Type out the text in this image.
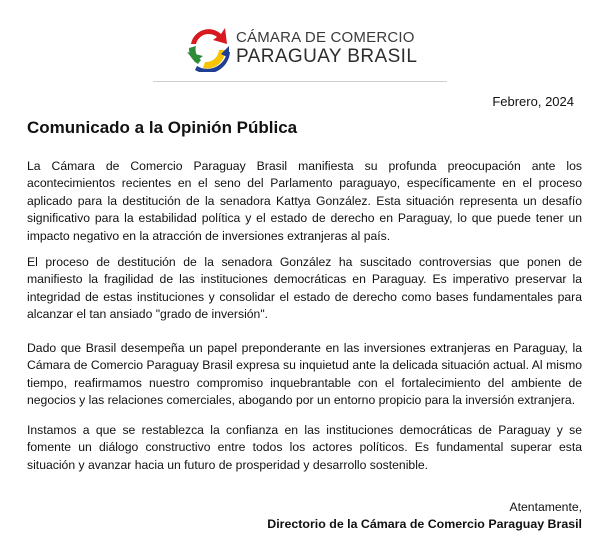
CÁMARA DE COMERCIO
PARAGUAY BRASIL
Febrero, 2024
Comunicado a la Opinión Pública

La Cámara de Comercio Paraguay Brasil manifiesta su profunda preocupación ante los acontecimientos recientes en el seno del Parlamento paraguayo, específicamente en el proceso aplicado para la destitución de la senadora Kattya González. Esta situación representa un desafío significativo para la estabilidad política y el estado de derecho en Paraguay, lo que puede tener un impacto negativo en la atracción de inversiones extranjeras al país.

El proceso de destitución de la senadora González ha suscitado controversias que ponen de manifiesto la fragilidad de las instituciones democráticas en Paraguay. Es imperativo preservar la integridad de estas instituciones y consolidar el estado de derecho como bases fundamentales para alcanzar el tan ansiado "grado de inversión".

Dado que Brasil desempeña un papel preponderante en las inversiones extranjeras en Paraguay, la Cámara de Comercio Paraguay Brasil expresa su inquietud ante la delicada situación actual. Al mismo tiempo, reafirmamos nuestro compromiso inquebrantable con el fortalecimiento del ambiente de negocios y las relaciones comerciales, abogando por un entorno propicio para la inversión extranjera.

Instamos a que se restablezca la confianza en las instituciones democráticas de Paraguay y se fomente un diálogo constructivo entre todos los actores políticos. Es fundamental superar esta situación y avanzar hacia un futuro de prosperidad y desarrollo sostenible.

Atentamente,
Directorio de la Cámara de Comercio Paraguay Brasil
